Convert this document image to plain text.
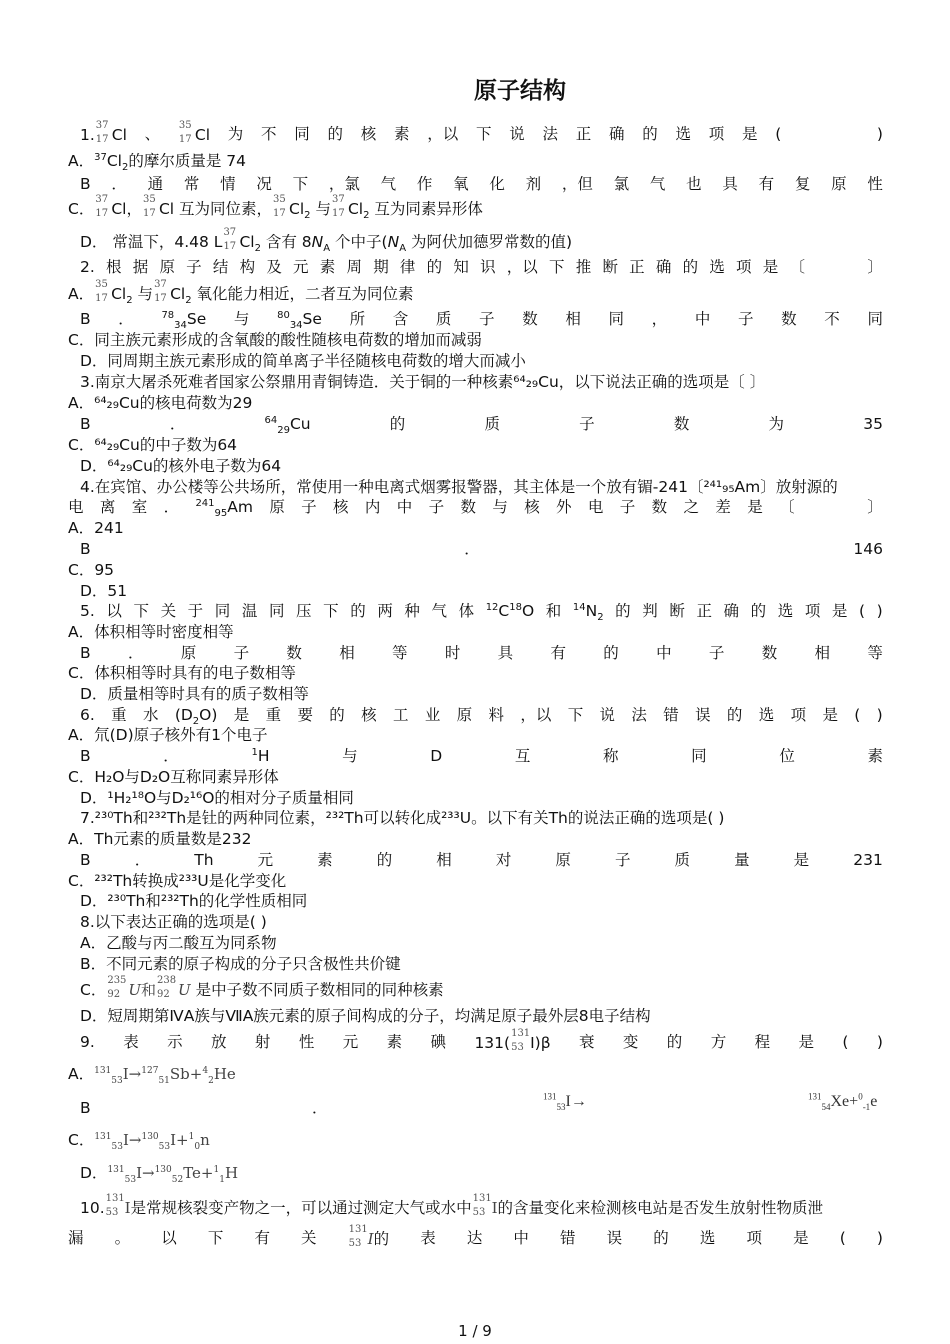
原子结构
1.
37
17 Cl 、 35
17 Cl 为 不 同 的 核 素 ，以 下 说 法 正 确 的 选 项 是 (	)
A．$^{37}Cl_2$的摩尔质量是 74
B ． 通 常 情 况 下 ，氯 气 作 氧 化 剂 ，但 氯 气 也 具 有 复 原 性
C．
37
17 Cl，
35
17 Cl 互为同位素，
35
17 $Cl_2$ 与
37
17 $Cl_2$ 互为同素异形体
D． 常温下，4.48 L
37
17 $Cl_2$ 含有 $8N_A$ 个中子($N_A$ 为阿伏加德罗常数的值)
2. 根 据 原 子 结 构 及 元 素 周 期 律 的 知 识 ，以 下 推 断 正 确 的 选 项 是 〔	〕
A．
35
17 $Cl_2$ 与
37
17 $Cl_2$ 氧化能力相近，二者互为同位素
B ．	$^{78}_{34}$Se 与	$^{80}_{34}$Se 所 含 质 子 数 相 同 ， 中 子 数 不 同
C．同主族元素形成的含氧酸的酸性随核电荷数的增加而减弱
D．同周期主族元素形成的简单离子半径随核电荷数的增大而减小
3.南京大屠杀死难者国家公祭鼎用青铜铸造．关于铜的一种核素⁶⁴₂₉Cu，以下说法正确的选项是〔 〕
A．⁶⁴₂₉Cu的核电荷数为29
B	．	$^{64}_{29}$Cu	的	质	子	数	为	35
C．⁶⁴₂₉Cu的中子数为64
D．⁶⁴₂₉Cu的核外电子数为64
4.在宾馆、办公楼等公共场所，常使用一种电离式烟雾报警器，其主体是一个放有镅-241〔²⁴¹₉₅Am〕放射源的
电 离 室 ． $^{241}_{95}$Am 原 子 核 内 中 子 数 与 核 外 电 子 数 之 差 是 〔	〕
A．241
B	．	146
C．95
D．51
5. 以 下 关 于 同 温 同 压 下 的 两 种 气 体 $^{12}C^{18}O$ 和 $^{14}N_2$ 的 判 断 正 确 的 选 项 是 ( )
A．体积相等时密度相等
B ． 原 子 数 相 等 时 具 有 的 中 子 数 相 等
C．体积相等时具有的电子数相等
D．质量相等时具有的质子数相等
6. 重 水 $(D_2O)$ 是 重 要 的 核 工 业 原 料 ，以 下 说 法 错 误 的 选 项 是 ( )
A．氘(D)原子核外有1个电子
B	．	$^1$H	与	D	互	称	同	位	素
C．H₂O与D₂O互称同素异形体
D．¹H₂¹⁸O与D₂¹⁶O的相对分子质量相同
7.²³⁰Th和²³²Th是钍的两种同位素，²³²Th可以转化成²³³U。以下有关Th的说法正确的选项是( )
A．Th元素的质量数是232
B	．	Th	元	素	的	相	对	原	子	质	量	是	231
C．²³²Th转换成²³³U是化学变化
D．²³⁰Th和²³²Th的化学性质相同
8.以下表达正确的选项是( )
A．乙酸与丙二酸互为同系物
B．不同元素的原子构成的分子只含极性共价键
C．
235
92 U和
238
92 U 是中子数不同质子数相同的同种核素
D．短周期第ⅣA族与ⅦA族元素的原子间构成的分子，均满足原子最外层8电子结构
9. 表 示 放 射 性 元 素 碘 131(
131
53 I)β 衰 变 的 方 程 是 ( )
A．$^{131}_{53}$I→$^{127}_{51}$Sb+$^4_2$He
B	．
$^{131}_{53}$I→	$^{131}_{54}$Xe+$^0_{-1}$e
C．$^{131}_{53}$I→$^{130}_{53}$I+$^1_0$n
D．$^{131}_{53}$I→$^{130}_{52}$Te+$^1_1$H
10.
131
53 I是常规核裂变产物之一，可以通过测定大气或水中
131
53 I的含量变化来检测核电站是否发生放射性物质泄
漏 。 以 下 有 关	131
53 I的 表 达 中 错 误 的 选 项 是 ( )
1 / 9
